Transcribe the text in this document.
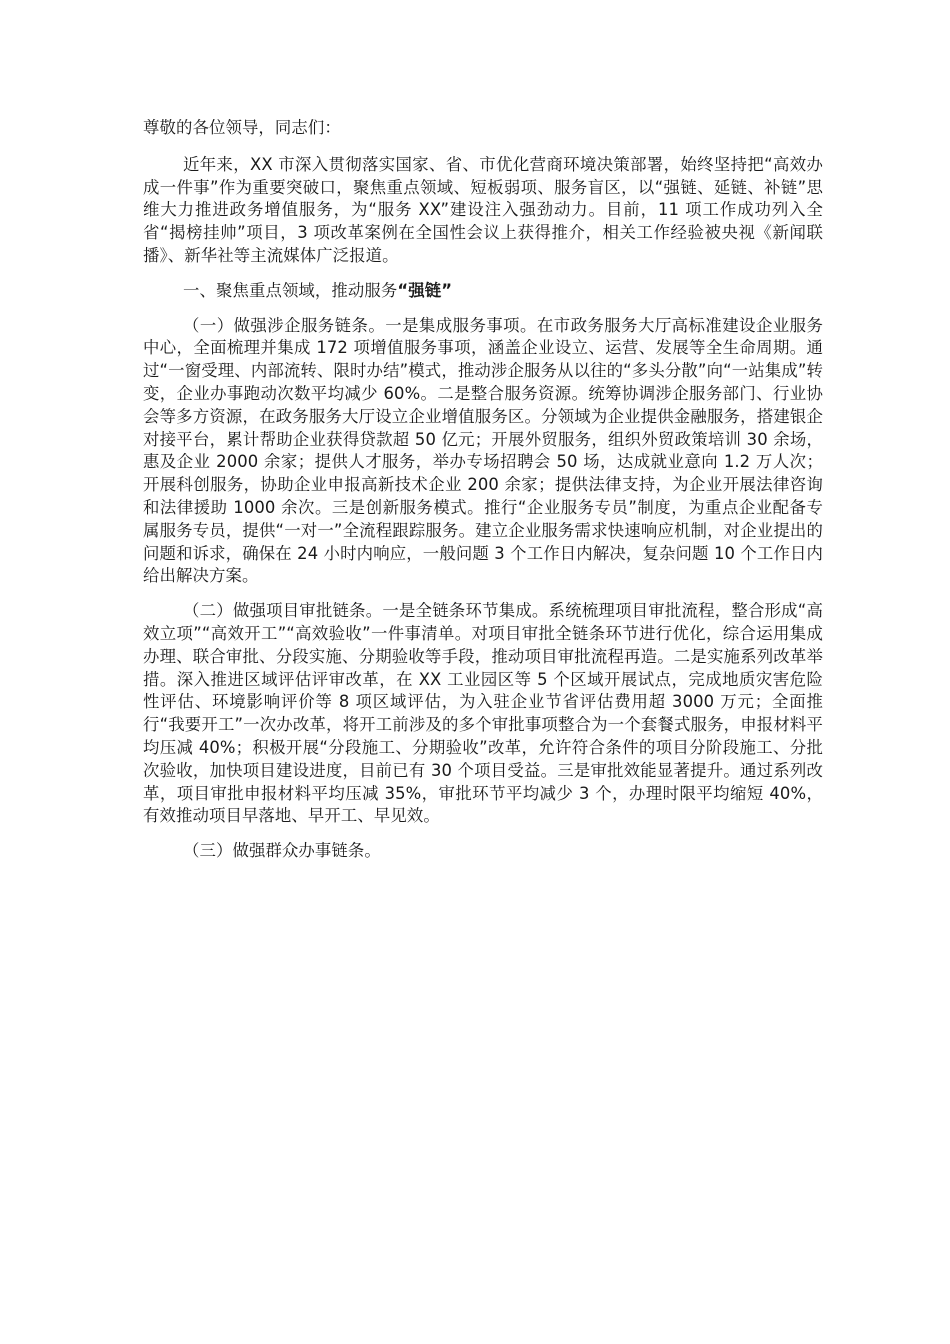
尊敬的各位领导，同志们：

近年来，XX 市深入贯彻落实国家、省、市优化营商环境决策部署，始终坚持把“高效办成一件事”作为重要突破口，聚焦重点领域、短板弱项、服务盲区，以“强链、延链、补链”思维大力推进政务增值服务，为“服务 XX”建设注入强劲动力。目前，11 项工作成功列入全省“揭榜挂帅”项目，3 项改革案例在全国性会议上获得推介，相关工作经验被央视《新闻联播》、新华社等主流媒体广泛报道。

一、聚焦重点领域，推动服务“强链”

（一）做强涉企服务链条。一是集成服务事项。在市政务服务大厅高标准建设企业服务中心，全面梳理并集成 172 项增值服务事项，涵盖企业设立、运营、发展等全生命周期。通过“一窗受理、内部流转、限时办结”模式，推动涉企服务从以往的“多头分散”向“一站集成”转变，企业办事跑动次数平均减少 60%。二是整合服务资源。统筹协调涉企服务部门、行业协会等多方资源，在政务服务大厅设立企业增值服务区。分领域为企业提供金融服务，搭建银企对接平台，累计帮助企业获得贷款超 50 亿元；开展外贸服务，组织外贸政策培训 30 余场，惠及企业 2000 余家；提供人才服务，举办专场招聘会 50 场，达成就业意向 1.2 万人次；开展科创服务，协助企业申报高新技术企业 200 余家；提供法律支持，为企业开展法律咨询和法律援助 1000 余次。三是创新服务模式。推行“企业服务专员”制度，为重点企业配备专属服务专员，提供“一对一”全流程跟踪服务。建立企业服务需求快速响应机制，对企业提出的问题和诉求，确保在 24 小时内响应，一般问题 3 个工作日内解决，复杂问题 10 个工作日内给出解决方案。

（二）做强项目审批链条。一是全链条环节集成。系统梳理项目审批流程，整合形成“高效立项”“高效开工”“高效验收”一件事清单。对项目审批全链条环节进行优化，综合运用集成办理、联合审批、分段实施、分期验收等手段，推动项目审批流程再造。二是实施系列改革举措。深入推进区域评估评审改革，在 XX 工业园区等 5 个区域开展试点，完成地质灾害危险性评估、环境影响评价等 8 项区域评估，为入驻企业节省评估费用超 3000 万元；全面推行“我要开工”一次办改革，将开工前涉及的多个审批事项整合为一个套餐式服务，申报材料平均压减 40%；积极开展“分段施工、分期验收”改革，允许符合条件的项目分阶段施工、分批次验收，加快项目建设进度，目前已有 30 个项目受益。三是审批效能显著提升。通过系列改革，项目审批申报材料平均压减 35%，审批环节平均减少 3 个，办理时限平均缩短 40%，有效推动项目早落地、早开工、早见效。

（三）做强群众办事链条。
